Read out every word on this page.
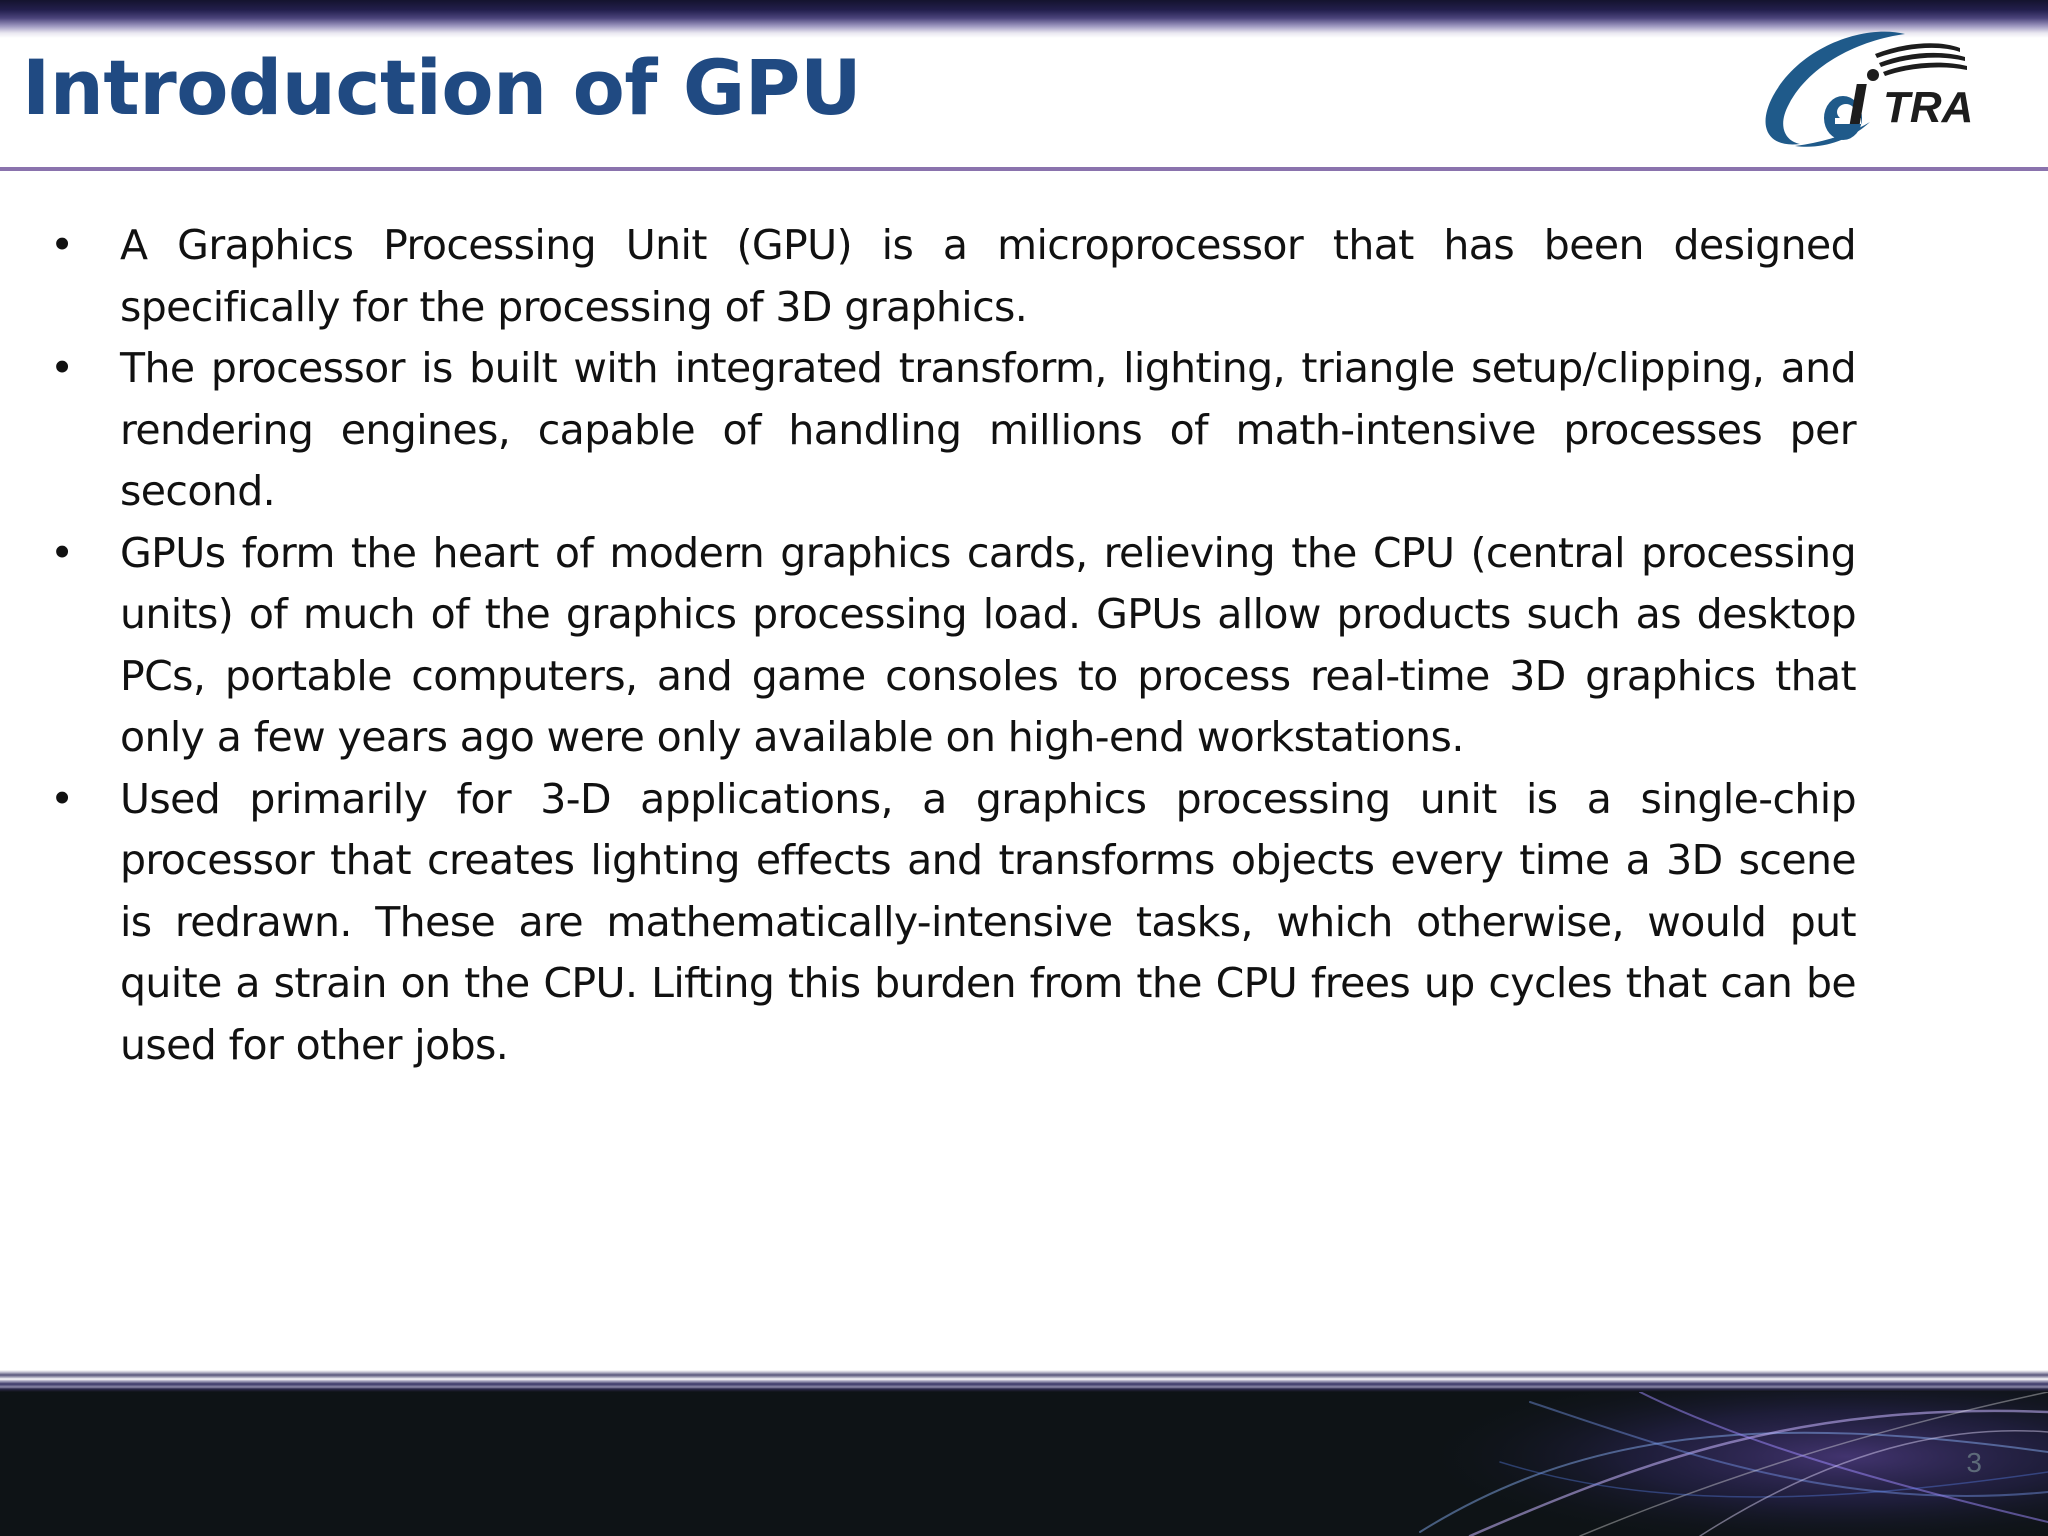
Introduction of GPU	TRA
•	A Graphics Processing Unit (GPU) is a microprocessor that has been designed specifically for the processing of 3D graphics.
•	The processor is built with integrated transform, lighting, triangle setup/clipping, and rendering engines, capable of handling millions of math-intensive processes per second.
•	GPUs form the heart of modern graphics cards, relieving the CPU (central processing units) of much of the graphics processing load. GPUs allow products such as desktop PCs, portable computers, and game consoles to process real-time 3D graphics that only a few years ago were only available on high-end workstations.
•	Used primarily for 3-D applications, a graphics processing unit is a single-chip processor that creates lighting effects and transforms objects every time a 3D scene is redrawn. These are mathematically-intensive tasks, which otherwise, would put quite a strain on the CPU. Lifting this burden from the CPU frees up cycles that can be used for other jobs.
3
